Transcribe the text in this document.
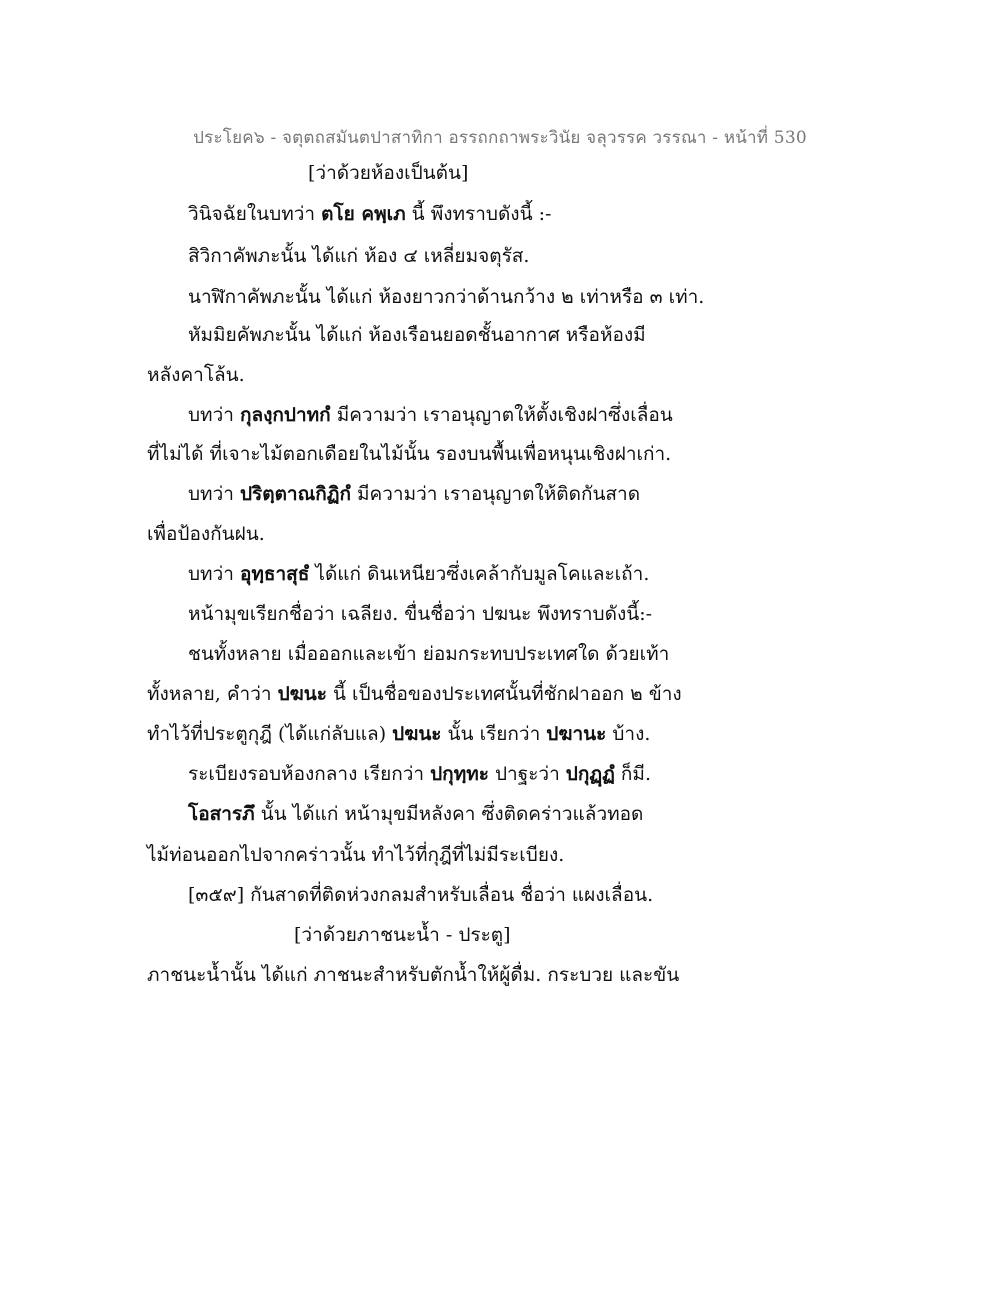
ประโยค๖ - จตุตถสมันตปาสาทิกา อรรถกถาพระวินัย จลุวรรค วรรณา - หน้าที่ 530
[ว่าด้วยห้องเป็นต้น]
วินิจฉัยในบทว่า ตโย คพฺเภ นี้ พึงทราบดังนี้ :-
สิวิกาคัพภะนั้น ได้แก่ ห้อง ๔ เหลี่ยมจตุรัส.
นาฬิกาคัพภะนั้น ได้แก่ ห้องยาวกว่าด้านกว้าง ๒ เท่าหรือ ๓ เท่า.
หัมมิยคัพภะนั้น ได้แก่ ห้องเรือนยอดชั้นอากาศ หรือห้องมี
หลังคาโล้น.
บทว่า กุลงฺกปาทกํ มีความว่า เราอนุญาตให้ตั้งเชิงฝาซึ่งเลื่อน
ที่ไม่ได้ ที่เจาะไม้ตอกเดือยในไม้นั้น รองบนพื้นเพื่อหนุนเชิงฝาเก่า.
บทว่า ปริตฺตาณกิฏิกํ มีความว่า เราอนุญาตให้ติดกันสาด
เพื่อป้องกันฝน.
บทว่า อุทฺธาสุธํ ได้แก่ ดินเหนียวซึ่งเคล้ากับมูลโคและเถ้า.
หน้ามุขเรียกชื่อว่า เฉลียง. ขื่นชื่อว่า ปฆนะ พึงทราบดังนี้:-
ชนทั้งหลาย เมื่อออกและเข้า ย่อมกระทบประเทศใด ด้วยเท้า
ทั้งหลาย, คำว่า ปฆนะ นี้ เป็นชื่อของประเทศนั้นที่ชักฝาออก ๒ ข้าง
ทำไว้ที่ประตูกุฎี (ได้แก่ลับแล) ปฆนะ นั้น เรียกว่า ปฆานะ บ้าง.
ระเบียงรอบห้องกลาง เรียกว่า ปกุทฺทะ ปาฐะว่า ปกุฏฺฏํ ก็มี.
โอสารภึ นั้น ได้แก่ หน้ามุขมีหลังคา ซึ่งติดคร่าวแล้วทอด
ไม้ท่อนออกไปจากคร่าวนั้น ทำไว้ที่กุฎีที่ไม่มีระเบียง.
[๓๕๙] กันสาดที่ติดห่วงกลมสำหรับเลื่อน ชื่อว่า แผงเลื่อน.
[ว่าด้วยภาชนะน้ำ - ประตู]
ภาชนะน้ำนั้น ได้แก่ ภาชนะสำหรับตักน้ำให้ผู้ดื่ม. กระบวย และขัน
